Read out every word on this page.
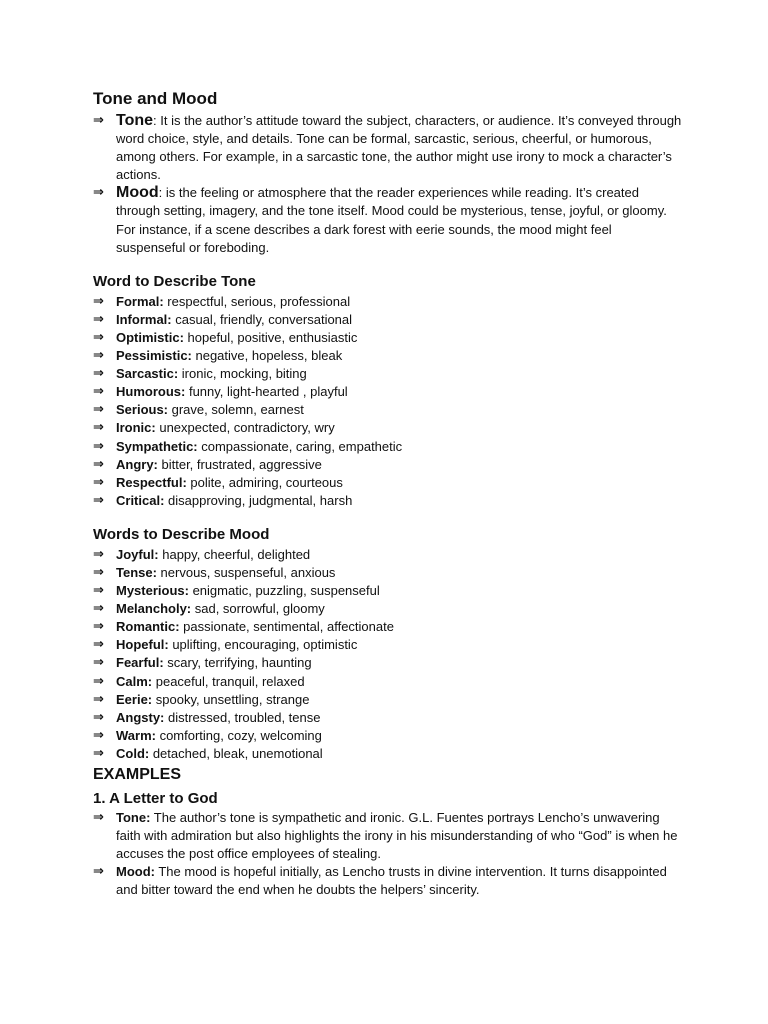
Tone and Mood
⇒ Tone: It is the author’s attitude toward the subject, characters, or audience. It’s conveyed through word choice, style, and details. Tone can be formal, sarcastic, serious, cheerful, or humorous, among others. For example, in a sarcastic tone, the author might use irony to mock a character’s actions.
⇒ Mood: is the feeling or atmosphere that the reader experiences while reading. It’s created through setting, imagery, and the tone itself. Mood could be mysterious, tense, joyful, or gloomy. For instance, if a scene describes a dark forest with eerie sounds, the mood might feel suspenseful or foreboding.
Word to Describe Tone
⇒ Formal: respectful, serious, professional
⇒ Informal: casual, friendly, conversational
⇒ Optimistic: hopeful, positive, enthusiastic
⇒ Pessimistic: negative, hopeless, bleak
⇒ Sarcastic: ironic, mocking, biting
⇒ Humorous: funny, light-hearted , playful
⇒ Serious: grave, solemn, earnest
⇒ Ironic: unexpected, contradictory, wry
⇒ Sympathetic: compassionate, caring, empathetic
⇒ Angry: bitter, frustrated, aggressive
⇒ Respectful: polite, admiring, courteous
⇒ Critical: disapproving, judgmental, harsh
Words to Describe Mood
⇒ Joyful: happy, cheerful, delighted
⇒ Tense: nervous, suspenseful, anxious
⇒ Mysterious: enigmatic, puzzling, suspenseful
⇒ Melancholy: sad, sorrowful, gloomy
⇒ Romantic: passionate, sentimental, affectionate
⇒ Hopeful: uplifting, encouraging, optimistic
⇒ Fearful: scary, terrifying, haunting
⇒ Calm: peaceful, tranquil, relaxed
⇒ Eerie: spooky, unsettling, strange
⇒ Angsty: distressed, troubled, tense
⇒ Warm: comforting, cozy, welcoming
⇒ Cold: detached, bleak, unemotional
EXAMPLES
1. A Letter to God
⇒ Tone: The author’s tone is sympathetic and ironic. G.L. Fuentes portrays Lencho’s unwavering faith with admiration but also highlights the irony in his misunderstanding of who “God” is when he accuses the post office employees of stealing.
⇒ Mood: The mood is hopeful initially, as Lencho trusts in divine intervention. It turns disappointed and bitter toward the end when he doubts the helpers’ sincerity.
